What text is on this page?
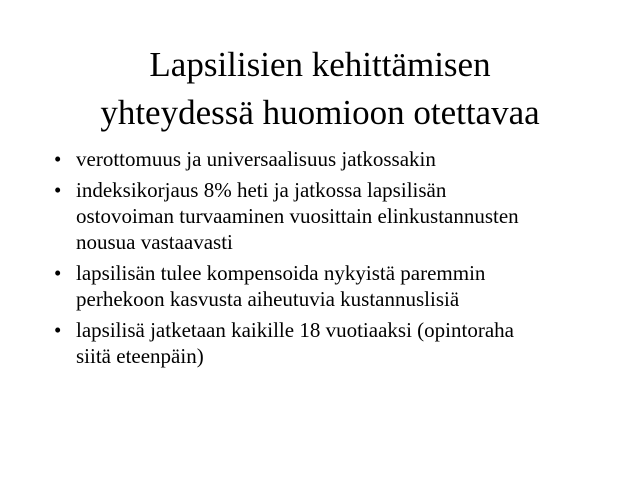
Lapsilisien kehittämisen
yhteydessä huomioon otettavaa
• verottomuus ja universaalisuus jatkossakin
• indeksikorjaus 8% heti ja jatkossa lapsilisän
ostovoiman turvaaminen vuosittain elinkustannusten
nousua vastaavasti
• lapsilisän tulee kompensoida nykyistä paremmin
perhekoon kasvusta aiheutuvia kustannuslisiä
• lapsilisä jatketaan kaikille 18 vuotiaaksi (opintoraha
siitä eteenpäin)
